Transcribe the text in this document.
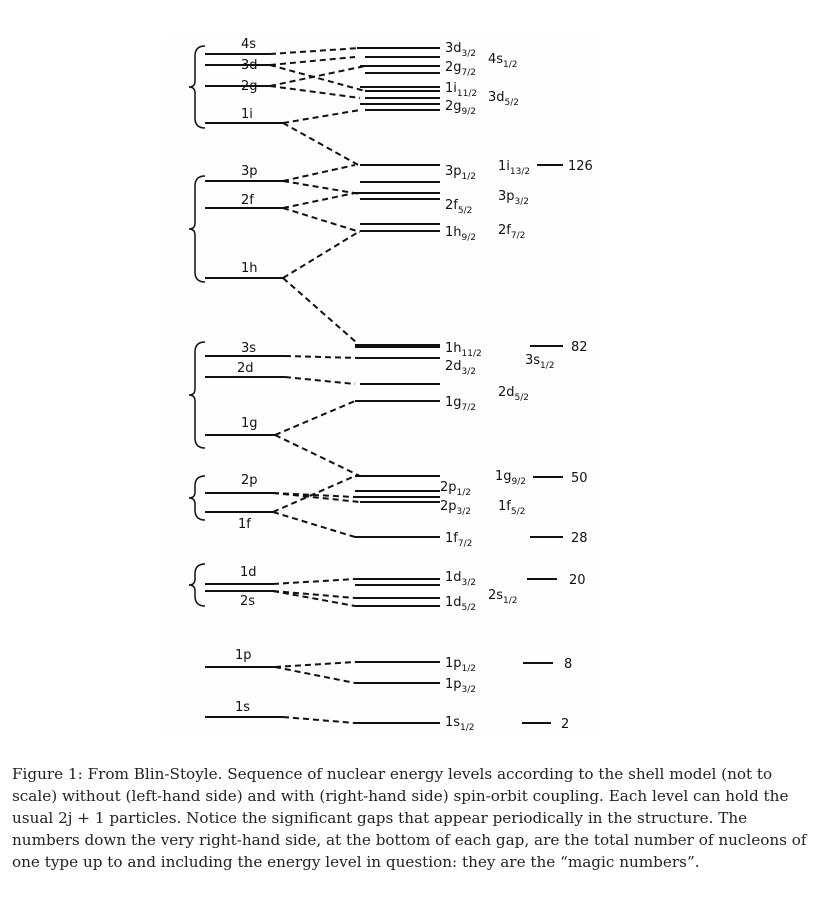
4s
3d
2g
1i
3p
2f
1h
3s
2d
1g
2p
1f
1d
2s
1p
1s
$3d_{3/2}$
$2g_{7/2}$
$1i_{11/2}$
$2g_{9/2}$
$3p_{1/2}$
$2f_{5/2}$
$1h_{9/2}$
$1h_{11/2}$
$2d_{3/2}$
$1g_{7/2}$
$2p_{1/2}$
$2p_{3/2}$
$1f_{7/2}$
$1d_{3/2}$
$1d_{5/2}$
$1p_{1/2}$
$1p_{3/2}$
$1s_{1/2}$
$4s_{1/2}$
$3d_{5/2}$
$1i_{13/2}$
$3p_{3/2}$
$2f_{7/2}$
$3s_{1/2}$
$2d_{5/2}$
$1g_{9/2}$
$1f_{5/2}$
$2s_{1/2}$
126
82
50
28
20
8
2

Figure 1: From Blin-Stoyle. Sequence of nuclear energy levels according to the shell model (not to scale) without (left-hand side) and with (right-hand side) spin-orbit coupling. Each level can hold the usual 2j + 1 particles. Notice the significant gaps that appear periodically in the structure. The numbers down the very right-hand side, at the bottom of each gap, are the total number of nucleons of one type up to and including the energy level in question: they are the “magic numbers”.
